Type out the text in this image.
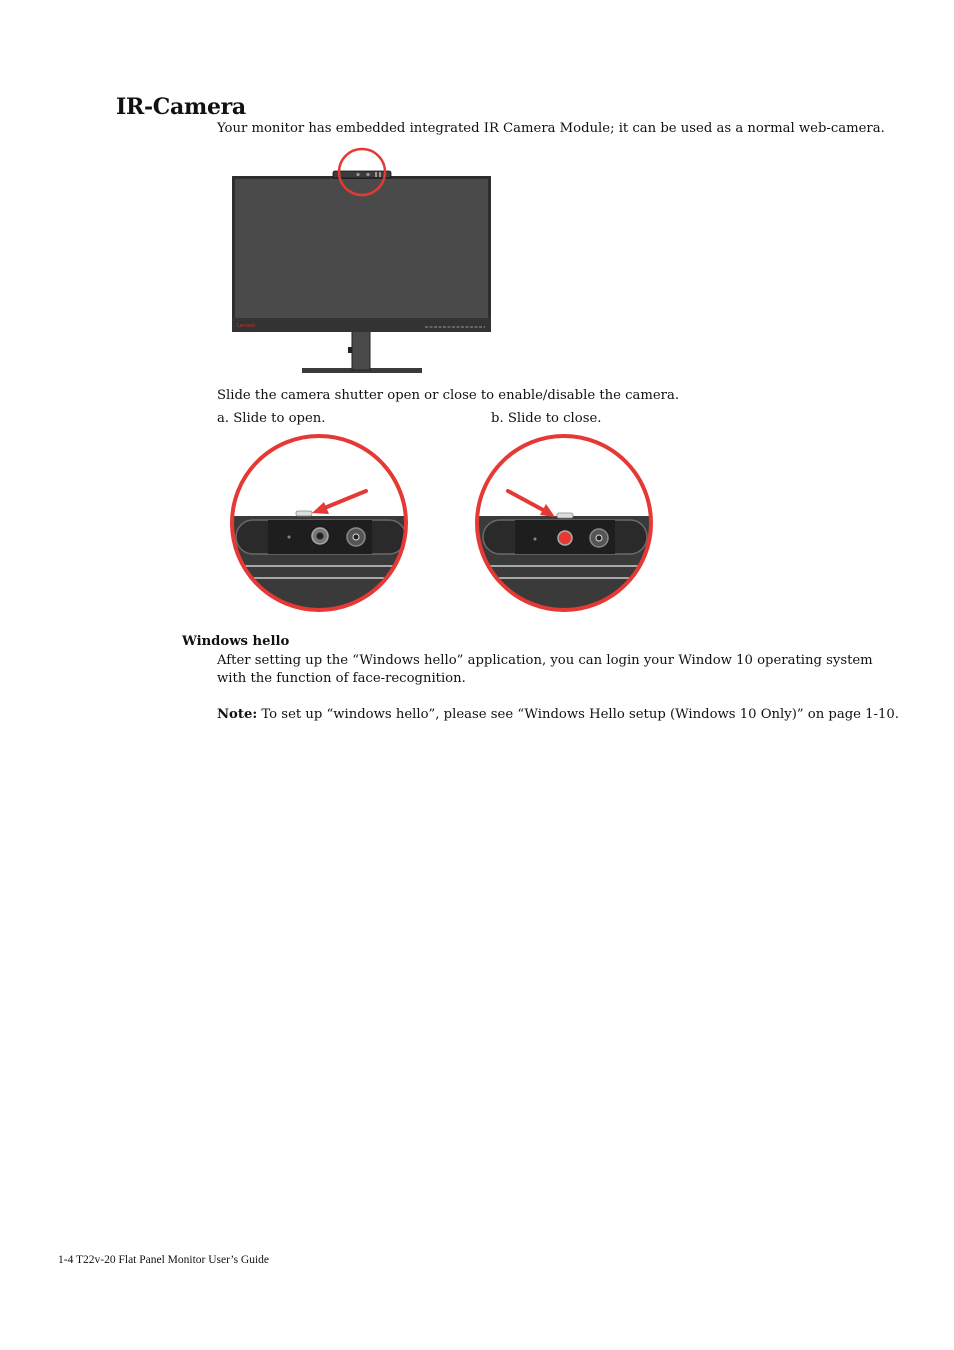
IR-Camera
Your monitor has embedded integrated IR Camera Module; it can be used as a normal web-camera.
Lenovo
Slide the camera shutter open or close to enable/disable the camera.
a. Slide to open.	b. Slide to close.
Windows hello
After setting up the “Windows hello” application, you can login your Window 10 operating system
with the function of face-recognition.
Note: To set up “windows hello”, please see “Windows Hello setup (Windows 10 Only)” on page 1-10.
1-4 T22v-20 Flat Panel Monitor User’s Guide
